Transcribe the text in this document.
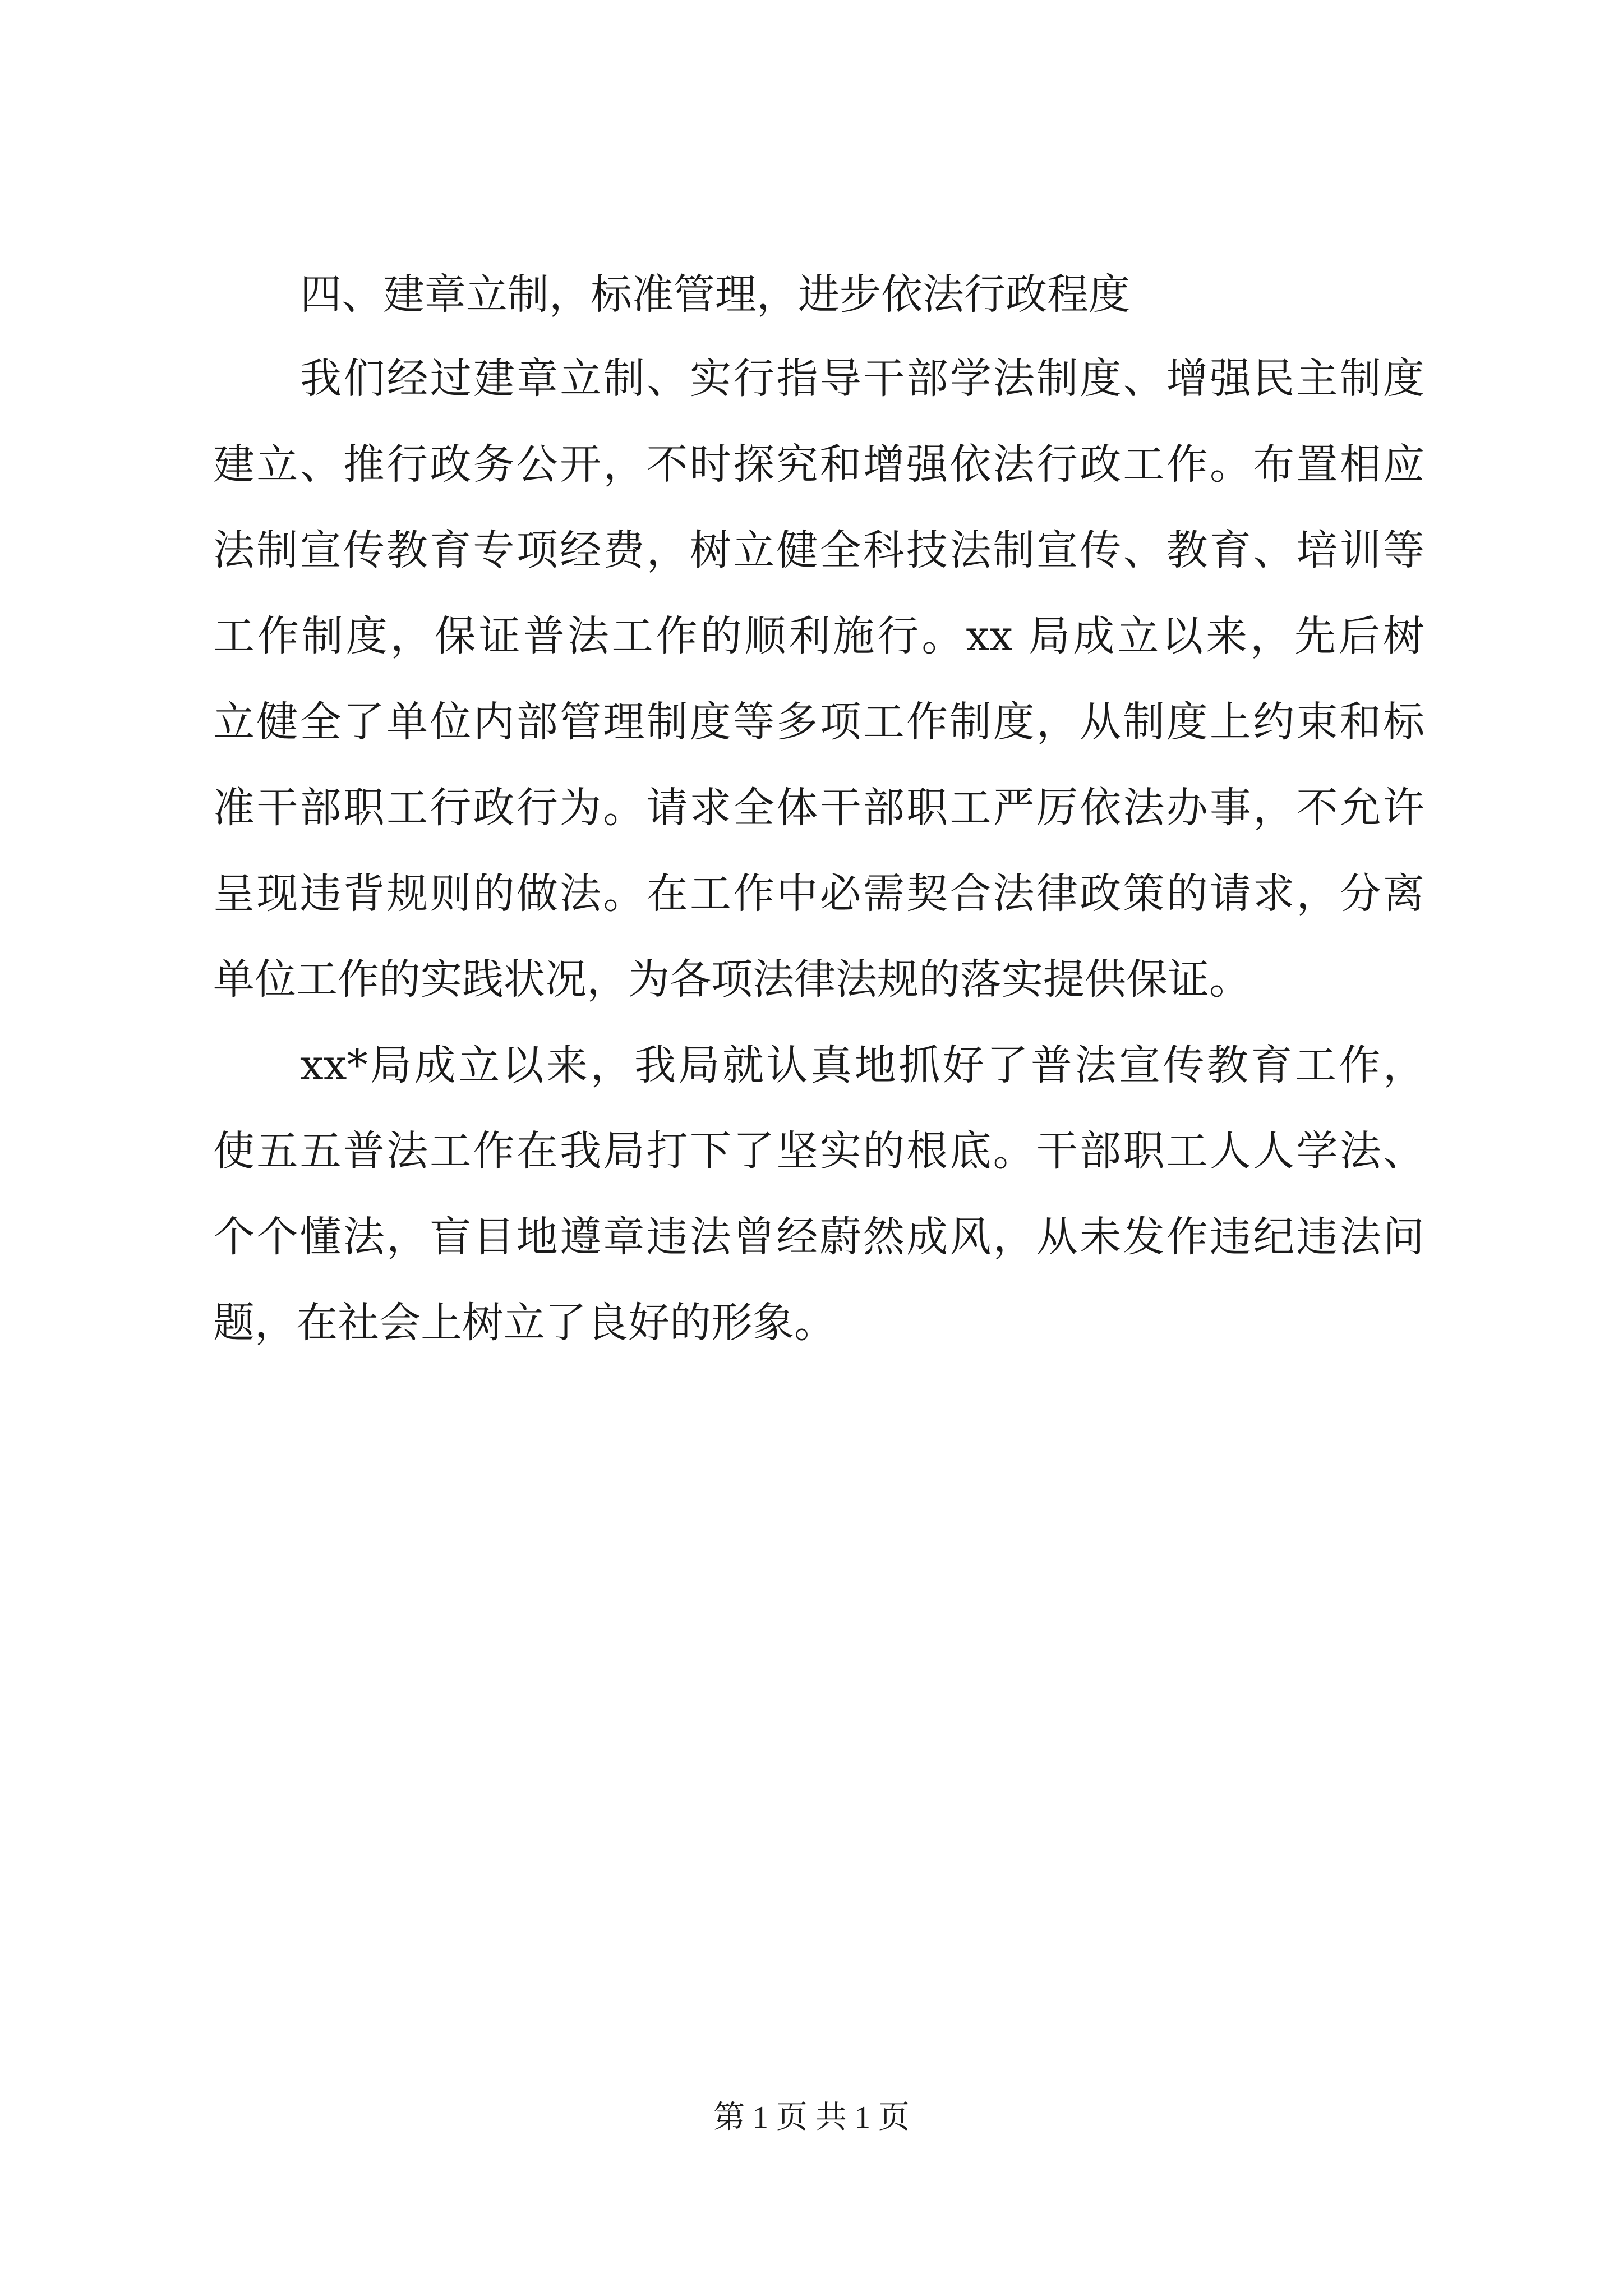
四、建章立制，标准管理，进步依法行政程度
我们经过建章立制、实行指导干部学法制度、增强民主制度
建立、推行政务公开，不时探究和增强依法行政工作。布置相应
法制宣传教育专项经费，树立健全科技法制宣传、教育、培训等
工作制度，保证普法工作的顺利施行。xx 局成立以来，先后树
立健全了单位内部管理制度等多项工作制度，从制度上约束和标
准干部职工行政行为。请求全体干部职工严厉依法办事，不允许
呈现违背规则的做法。在工作中必需契合法律政策的请求，分离
单位工作的实践状况，为各项法律法规的落实提供保证。
xx*局成立以来，我局就认真地抓好了普法宣传教育工作，
使五五普法工作在我局打下了坚实的根底。干部职工人人学法、
个个懂法，盲目地遵章违法曾经蔚然成风，从未发作违纪违法问
题，在社会上树立了良好的形象。
第 1 页 共 1 页
